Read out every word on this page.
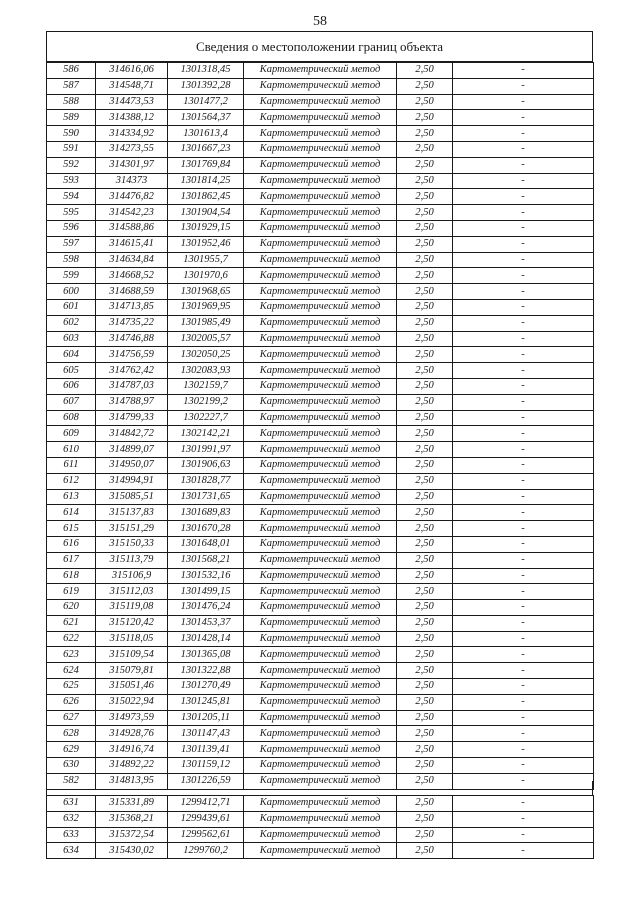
58
Сведения о местоположении границ объекта
586	314616,06	1301318,45	Картометрический метод	2,50	-
587	314548,71	1301392,28	Картометрический метод	2,50	-
588	314473,53	1301477,2	Картометрический метод	2,50	-
589	314388,12	1301564,37	Картометрический метод	2,50	-
590	314334,92	1301613,4	Картометрический метод	2,50	-
591	314273,55	1301667,23	Картометрический метод	2,50	-
592	314301,97	1301769,84	Картометрический метод	2,50	-
593	314373	1301814,25	Картометрический метод	2,50	-
594	314476,82	1301862,45	Картометрический метод	2,50	-
595	314542,23	1301904,54	Картометрический метод	2,50	-
596	314588,86	1301929,15	Картометрический метод	2,50	-
597	314615,41	1301952,46	Картометрический метод	2,50	-
598	314634,84	1301955,7	Картометрический метод	2,50	-
599	314668,52	1301970,6	Картометрический метод	2,50	-
600	314688,59	1301968,65	Картометрический метод	2,50	-
601	314713,85	1301969,95	Картометрический метод	2,50	-
602	314735,22	1301985,49	Картометрический метод	2,50	-
603	314746,88	1302005,57	Картометрический метод	2,50	-
604	314756,59	1302050,25	Картометрический метод	2,50	-
605	314762,42	1302083,93	Картометрический метод	2,50	-
606	314787,03	1302159,7	Картометрический метод	2,50	-
607	314788,97	1302199,2	Картометрический метод	2,50	-
608	314799,33	1302227,7	Картометрический метод	2,50	-
609	314842,72	1302142,21	Картометрический метод	2,50	-
610	314899,07	1301991,97	Картометрический метод	2,50	-
611	314950,07	1301906,63	Картометрический метод	2,50	-
612	314994,91	1301828,77	Картометрический метод	2,50	-
613	315085,51	1301731,65	Картометрический метод	2,50	-
614	315137,83	1301689,83	Картометрический метод	2,50	-
615	315151,29	1301670,28	Картометрический метод	2,50	-
616	315150,33	1301648,01	Картометрический метод	2,50	-
617	315113,79	1301568,21	Картометрический метод	2,50	-
618	315106,9	1301532,16	Картометрический метод	2,50	-
619	315112,03	1301499,15	Картометрический метод	2,50	-
620	315119,08	1301476,24	Картометрический метод	2,50	-
621	315120,42	1301453,37	Картометрический метод	2,50	-
622	315118,05	1301428,14	Картометрический метод	2,50	-
623	315109,54	1301365,08	Картометрический метод	2,50	-
624	315079,81	1301322,88	Картометрический метод	2,50	-
625	315051,46	1301270,49	Картометрический метод	2,50	-
626	315022,94	1301245,81	Картометрический метод	2,50	-
627	314973,59	1301205,11	Картометрический метод	2,50	-
628	314928,76	1301147,43	Картометрический метод	2,50	-
629	314916,74	1301139,41	Картометрический метод	2,50	-
630	314892,22	1301159,12	Картометрический метод	2,50	-
582	314813,95	1301226,59	Картометрический метод	2,50	-
631	315331,89	1299412,71	Картометрический метод	2,50	-
632	315368,21	1299439,61	Картометрический метод	2,50	-
633	315372,54	1299562,61	Картометрический метод	2,50	-
634	315430,02	1299760,2	Картометрический метод	2,50	-
